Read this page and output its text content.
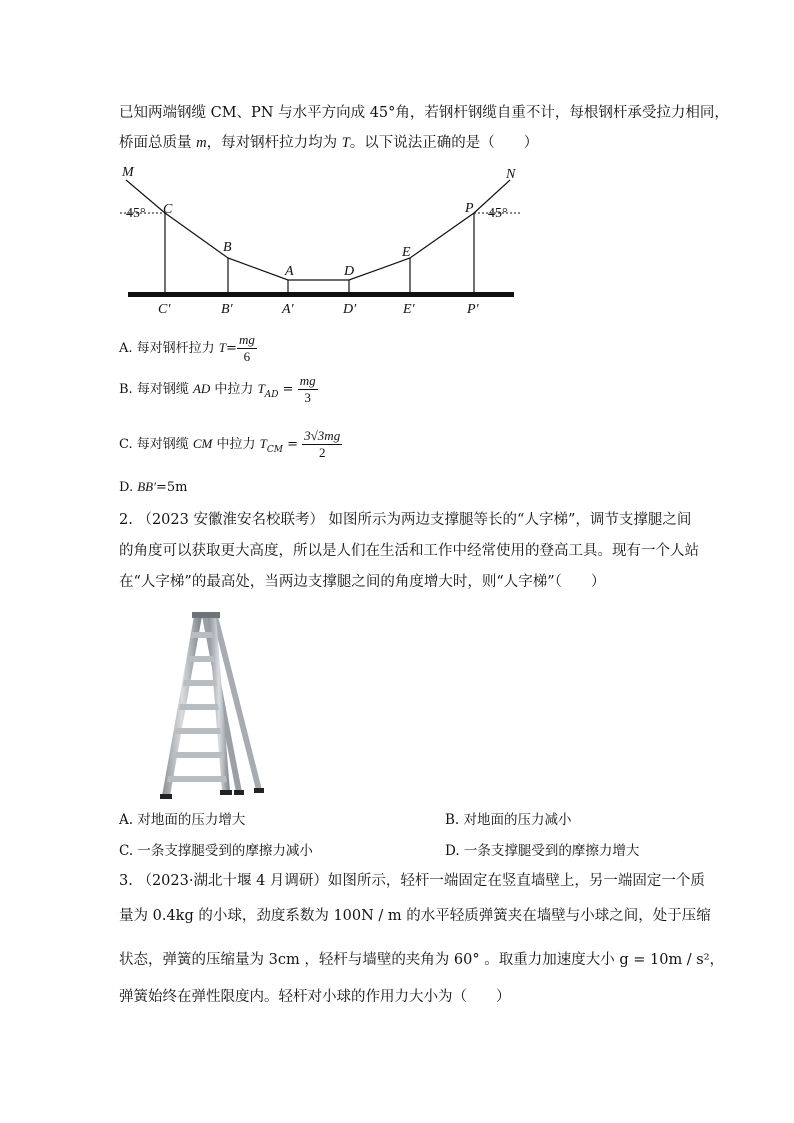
已知两端钢缆 CM、PN 与水平方向成 45°角，若钢杆钢缆自重不计，每根钢杆承受拉力相同，
桥面总质量 m，每对钢杆拉力均为 T。以下说法正确的是（　　）
M	N
C
B
A	D
E
P
45°	45°
C′	B′	A′	D′	E′	P′
A. 每对钢杆拉力 $T= \frac{mg}{6}$
B. 每对钢缆 AD 中拉力 $T_{AD} = \frac{mg}{3}$
C. 每对钢缆 CM 中拉力 $T_{CM} = \frac{3√3mg}{2}$
D. BB′=5m
2. （2023 安徽淮安名校联考） 如图所示为两边支撑腿等长的“人字梯”，调节支撑腿之间
的角度可以获取更大高度，所以是人们在生活和工作中经常使用的登高工具。现有一个人站
在“人字梯”的最高处，当两边支撑腿之间的角度增大时，则“人字梯”（　　）
A. 对地面的压力增大	B. 对地面的压力减小
C. 一条支撑腿受到的摩擦力减小	D. 一条支撑腿受到的摩擦力增大
3. （2023·湖北十堰 4 月调研）如图所示，轻杆一端固定在竖直墙壁上，另一端固定一个质
量为 0.4kg 的小球，劲度系数为 100N / m 的水平轻质弹簧夹在墙壁与小球之间，处于压缩
状态，弹簧的压缩量为 3cm ，轻杆与墙壁的夹角为 60° 。取重力加速度大小 g = 10m / s²，
弹簧始终在弹性限度内。轻杆对小球的作用力大小为（　　）
